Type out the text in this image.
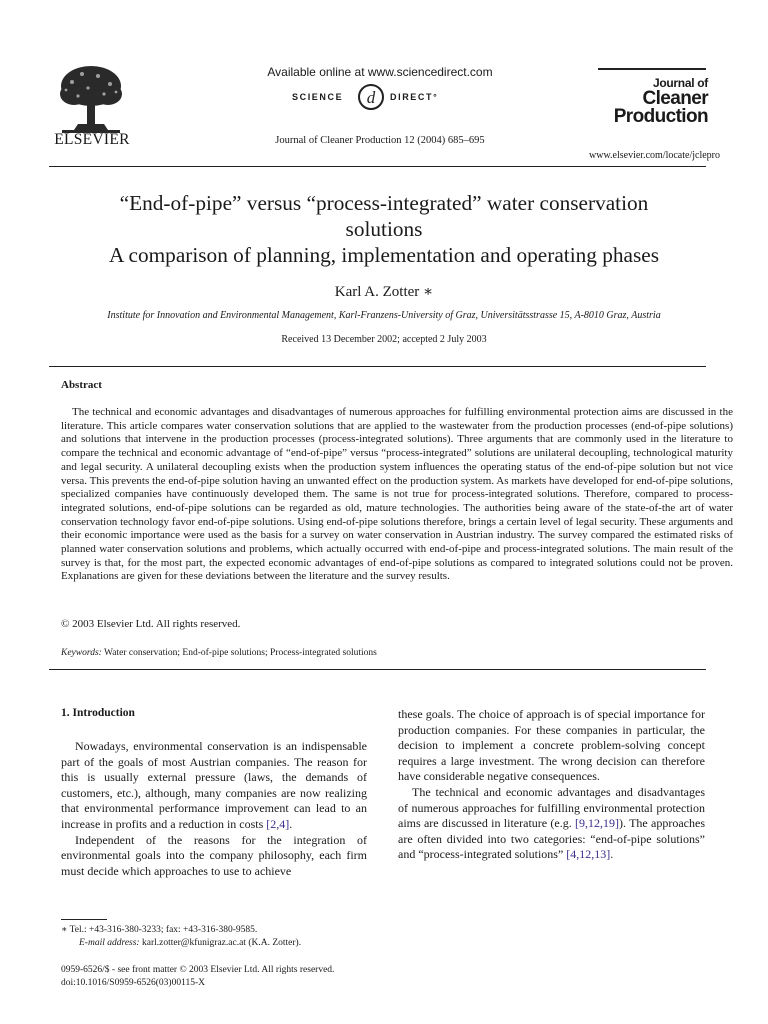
ELSEVIER
Available online at www.sciencedirect.com
SCIENCE d DIRECT°
Journal of Cleaner Production 12 (2004) 685–695
Journal of
Cleaner
Production
www.elsevier.com/locate/jclepro
“End-of-pipe” versus “process-integrated” water conservation
solutions
A comparison of planning, implementation and operating phases
Karl A. Zotter ∗
Institute for Innovation and Environmental Management, Karl-Franzens-University of Graz, Universitätsstrasse 15, A-8010 Graz, Austria
Received 13 December 2002; accepted 2 July 2003
Abstract
The technical and economic advantages and disadvantages of numerous approaches for fulfilling environmental protection aims are discussed in the literature. This article compares water conservation solutions that are applied to the wastewater from the production processes (end-of-pipe solutions) and solutions that intervene in the production processes (process-integrated solutions). Three arguments that are commonly used in the literature to compare the technical and economic advantage of “end-of-pipe” versus “process-integrated” solutions are unilateral decoupling, technological maturity and legal security. A unilateral decoupling exists when the production system influences the operating status of the end-of-pipe solution but not vice versa. This prevents the end-of-pipe solution having an unwanted effect on the production system. As markets have developed for end-of-pipe solutions, specialized companies have continuously developed them. The same is not true for process-integrated solutions. Therefore, compared to process-integrated solutions, end-of-pipe solutions can be regarded as old, mature technologies. The authorities being aware of the state-of-the art of water conservation technology favor end-of-pipe solutions. Using end-of-pipe solutions therefore, brings a certain level of legal security. These arguments and their economic importance were used as the basis for a survey on water conservation in Austrian industry. The survey compared the estimated risks of planned water conservation solutions and problems, which actually occurred with end-of-pipe and process-integrated solutions. The main result of the survey is that, for the most part, the expected economic advantages of end-of-pipe solutions as compared to integrated solutions could not be proven. Explanations are given for these deviations between the literature and the survey results.
© 2003 Elsevier Ltd. All rights reserved.
Keywords: Water conservation; End-of-pipe solutions; Process-integrated solutions
1. Introduction

Nowadays, environmental conservation is an indispensable part of the goals of most Austrian companies. The reason for this is usually external pressure (laws, the demands of customers, etc.), although, many companies are now realizing that environmental performance improvement can lead to an increase in profits and a reduction in costs [2,4].

Independent of the reasons for the integration of environmental goals into the company philosophy, each firm must decide which approaches to use to achieve

these goals. The choice of approach is of special importance for production companies. For these companies in particular, the decision to implement a concrete problem-solving concept requires a large investment. The wrong decision can therefore have considerable negative consequences.

The technical and economic advantages and disadvantages of numerous approaches for fulfilling environmental protection aims are discussed in literature (e.g. [9,12,19]). The approaches are often divided into two categories: “end-of-pipe solutions” and “process-integrated solutions” [4,12,13].

∗ Tel.: +43-316-380-3233; fax: +43-316-380-9585.
E-mail address: karl.zotter@kfunigraz.ac.at (K.A. Zotter).
0959-6526/$ - see front matter © 2003 Elsevier Ltd. All rights reserved.
doi:10.1016/S0959-6526(03)00115-X
